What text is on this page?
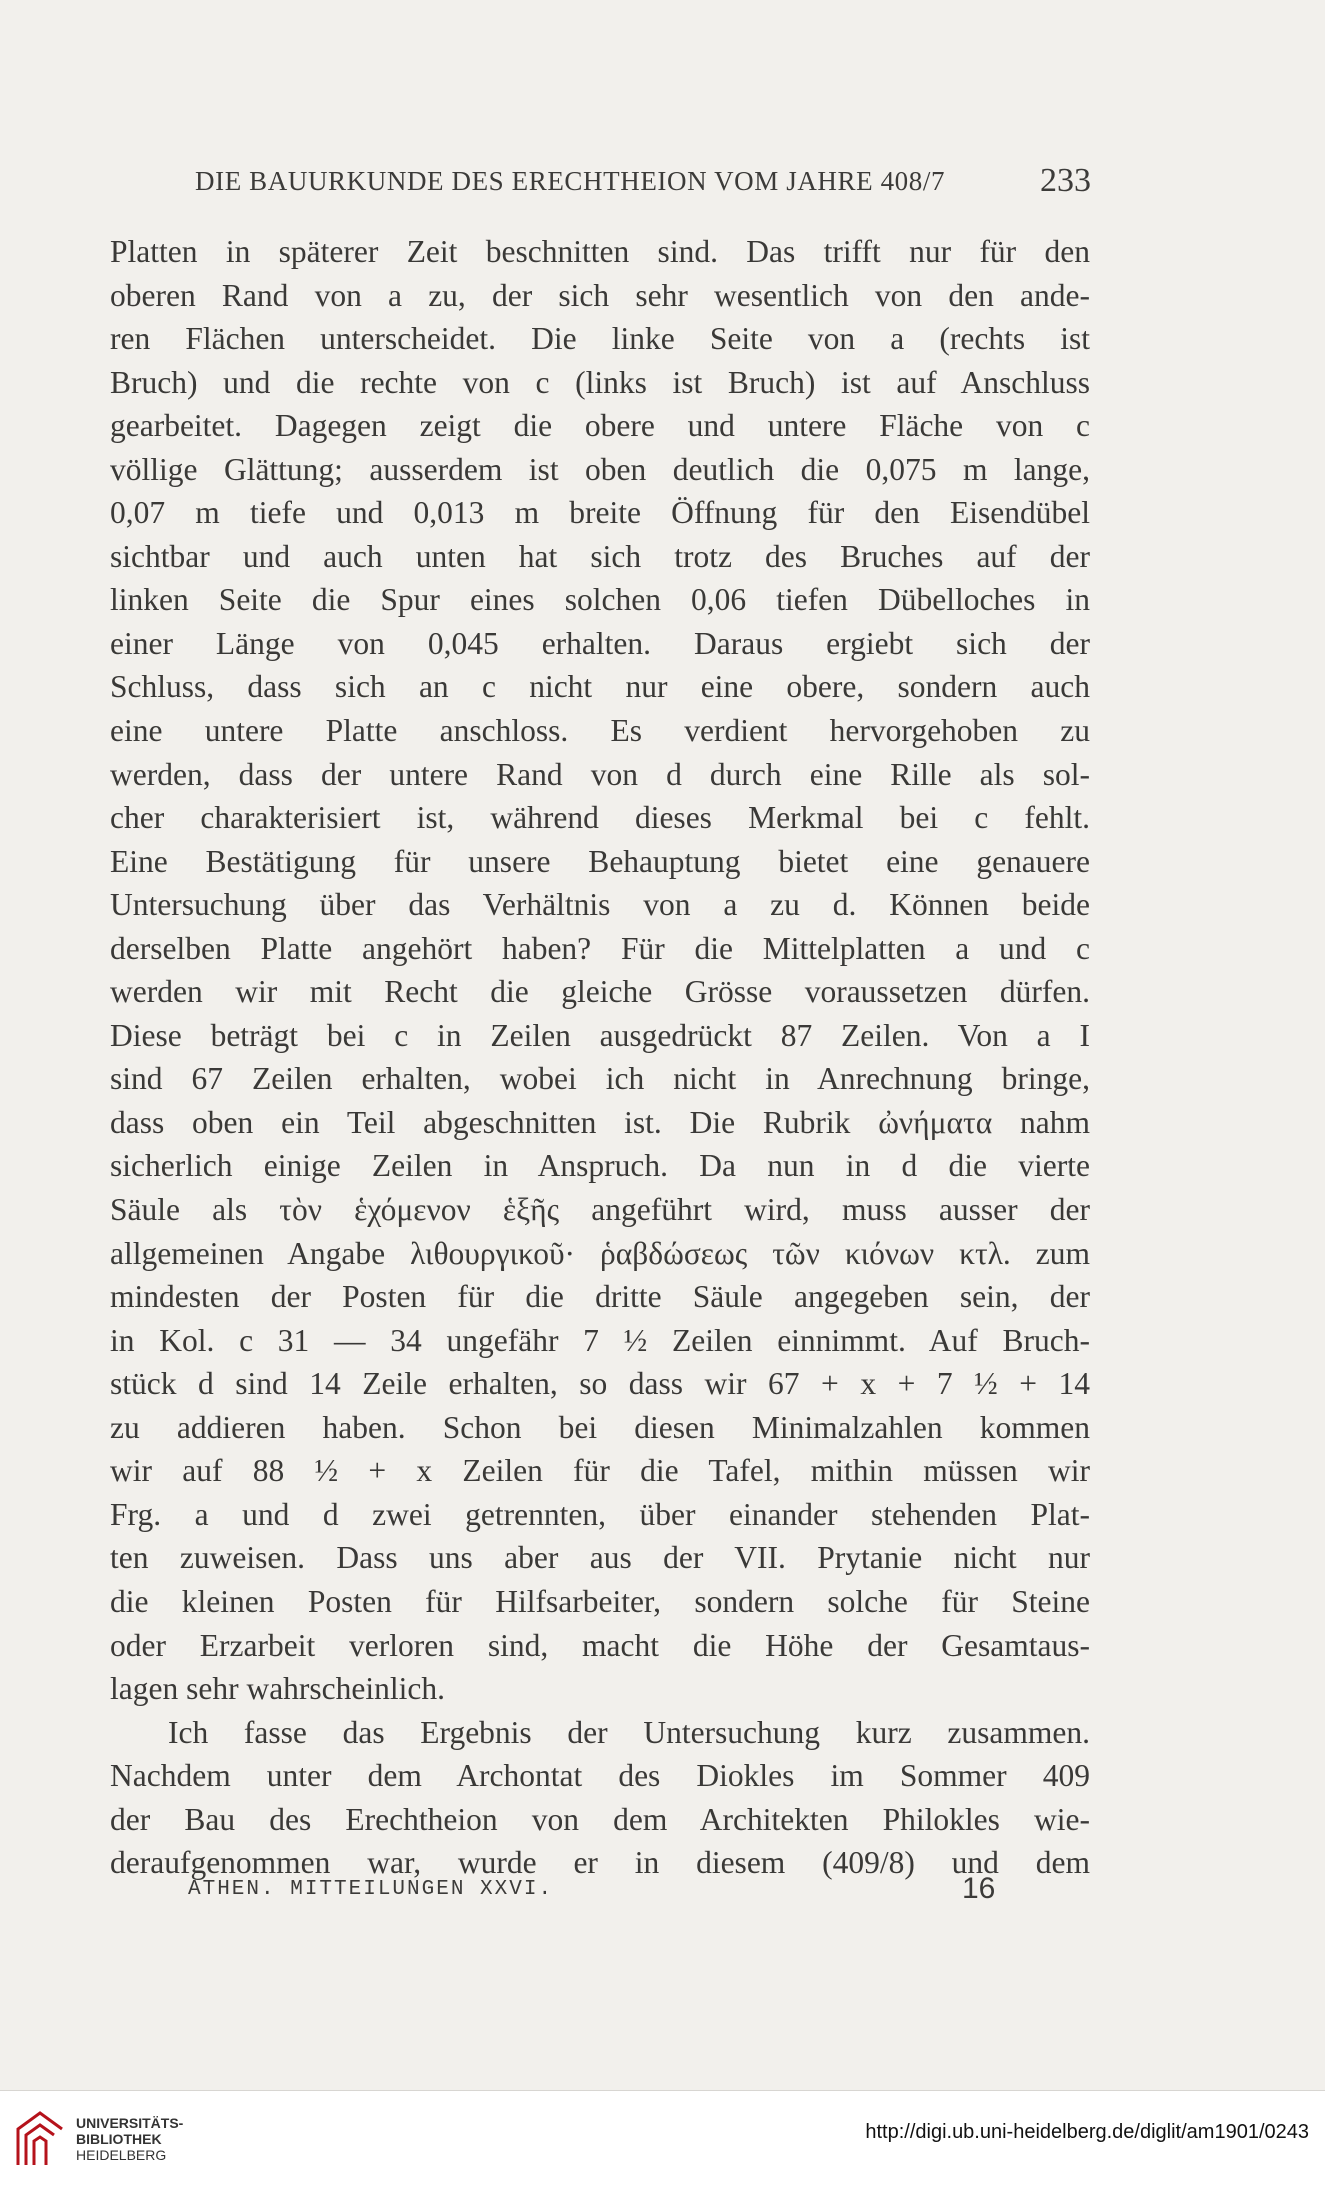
DIE BAUURKUNDE DES ERECHTHEION VOM JAHRE 408/7	233
Platten in späterer Zeit beschnitten sind. Das trifft nur für den
oberen Rand von a zu, der sich sehr wesentlich von den ande-
ren Flächen unterscheidet. Die linke Seite von a (rechts ist
Bruch) und die rechte von c (links ist Bruch) ist auf Anschluss
gearbeitet. Dagegen zeigt die obere und untere Fläche von c
völlige Glättung; ausserdem ist oben deutlich die 0,075 m lange,
0,07 m tiefe und 0,013 m breite Öffnung für den Eisendübel
sichtbar und auch unten hat sich trotz des Bruches auf der
linken Seite die Spur eines solchen 0,06 tiefen Dübelloches in
einer Länge von 0,045 erhalten. Daraus ergiebt sich der
Schluss, dass sich an c nicht nur eine obere, sondern auch
eine untere Platte anschloss. Es verdient hervorgehoben zu
werden, dass der untere Rand von d durch eine Rille als sol-
cher charakterisiert ist, während dieses Merkmal bei c fehlt.
Eine Bestätigung für unsere Behauptung bietet eine genauere
Untersuchung über das Verhältnis von a zu d. Können beide
derselben Platte angehört haben? Für die Mittelplatten a und c
werden wir mit Recht die gleiche Grösse voraussetzen dürfen.
Diese beträgt bei c in Zeilen ausgedrückt 87 Zeilen. Von a I
sind 67 Zeilen erhalten, wobei ich nicht in Anrechnung bringe,
dass oben ein Teil abgeschnitten ist. Die Rubrik ὠνήματα nahm
sicherlich einige Zeilen in Anspruch. Da nun in d die vierte
Säule als τὸν ἑχόμενον ἑξῆς angeführt wird, muss ausser der
allgemeinen Angabe λιθουργικοῦ· ῥαβδώσεως τῶν κιόνων κτλ. zum
mindesten der Posten für die dritte Säule angegeben sein, der
in Kol. c 31 — 34 ungefähr 7 ½ Zeilen einnimmt. Auf Bruch-
stück d sind 14 Zeile erhalten, so dass wir 67 + x + 7 ½ + 14
zu addieren haben. Schon bei diesen Minimalzahlen kommen
wir auf 88 ½ + x Zeilen für die Tafel, mithin müssen wir
Frg. a und d zwei getrennten, über einander stehenden Plat-
ten zuweisen. Dass uns aber aus der VII. Prytanie nicht nur
die kleinen Posten für Hilfsarbeiter, sondern solche für Steine
oder Erzarbeit verloren sind, macht die Höhe der Gesamtaus-
lagen sehr wahrscheinlich.
Ich fasse das Ergebnis der Untersuchung kurz zusammen.
Nachdem unter dem Archontat des Diokles im Sommer 409
der Bau des Erechtheion von dem Architekten Philokles wie-
deraufgenommen war, wurde er in diesem (409/8) und dem
ATHEN. MITTEILUNGEN XXVI.	16
UNIVERSITÄTS-
BIBLIOTHEK
HEIDELBERG
http://digi.ub.uni-heidelberg.de/diglit/am1901/0243
